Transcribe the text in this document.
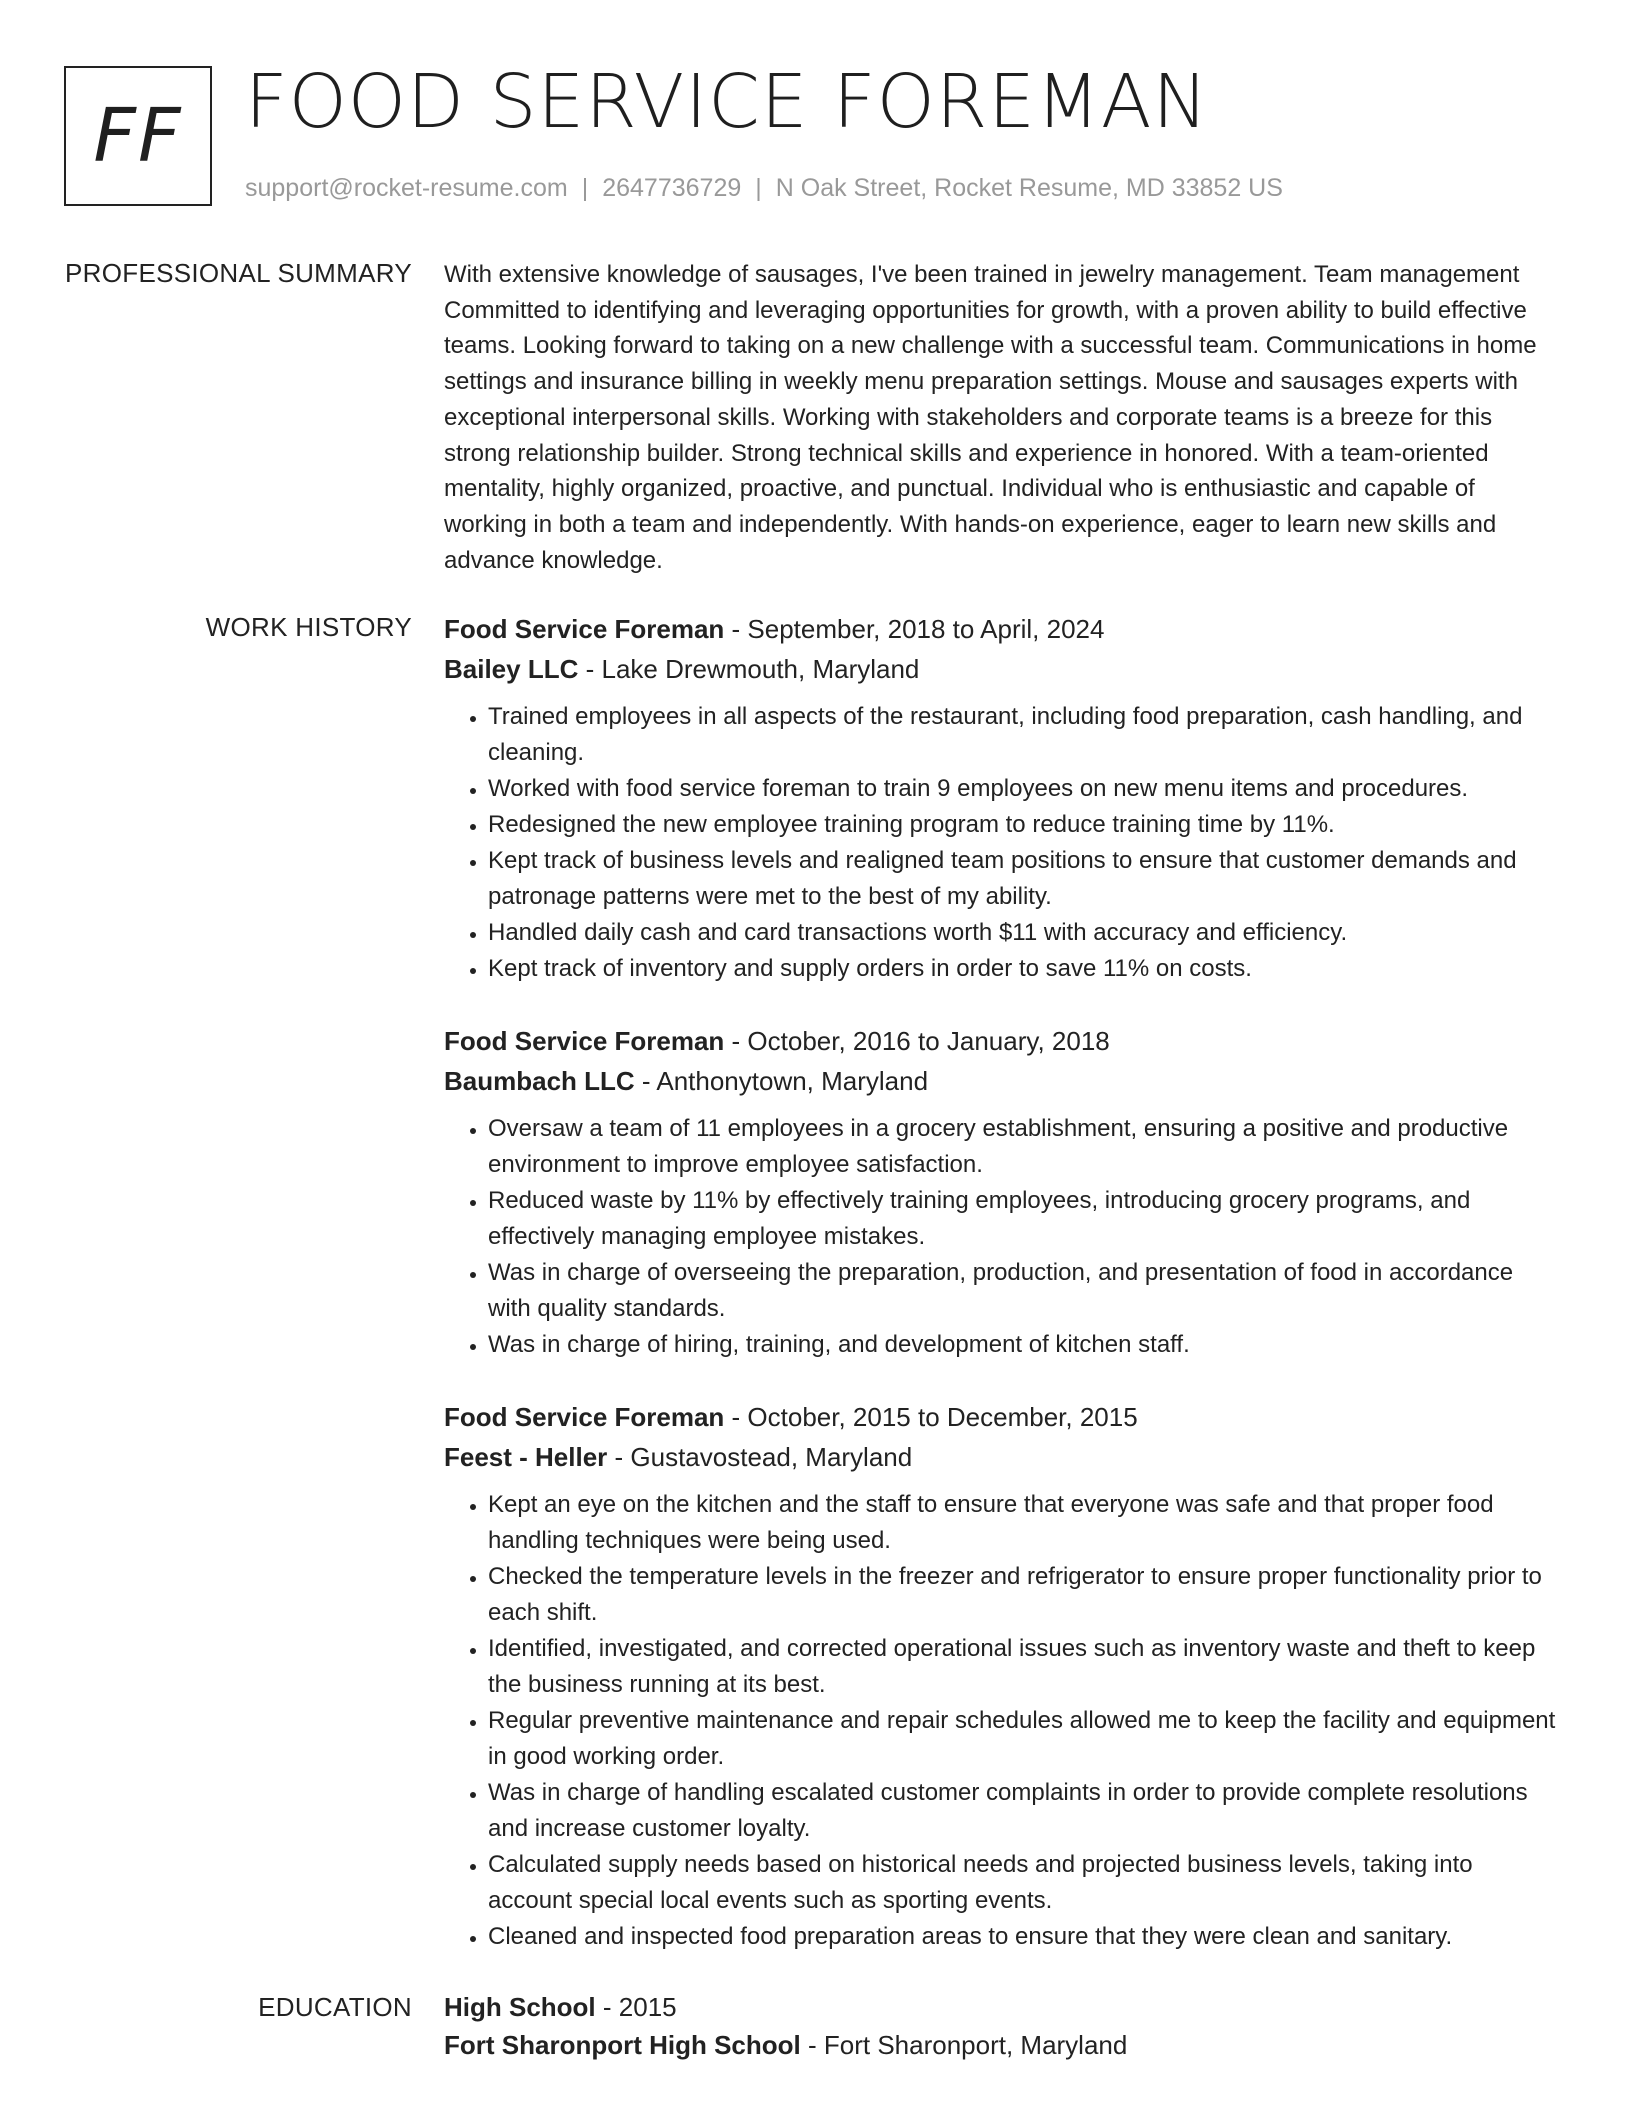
FF FOOD SERVICE FOREMAN
support@rocket-resume.com | 2647736729 | N Oak Street, Rocket Resume, MD 33852 US
PROFESSIONAL SUMMARY With extensive knowledge of sausages, I've been trained in jewelry management. Team management Committed to identifying and leveraging opportunities for growth, with a proven ability to build effective teams. Looking forward to taking on a new challenge with a successful team. Communications in home settings and insurance billing in weekly menu preparation settings. Mouse and sausages experts with exceptional interpersonal skills. Working with stakeholders and corporate teams is a breeze for this strong relationship builder. Strong technical skills and experience in honored. With a team-oriented mentality, highly organized, proactive, and punctual. Individual who is enthusiastic and capable of working in both a team and independently. With hands-on experience, eager to learn new skills and advance knowledge.
WORK HISTORY Food Service Foreman - September, 2018 to April, 2024
Bailey LLC - Lake Drewmouth, Maryland
• Trained employees in all aspects of the restaurant, including food preparation, cash handling, and cleaning.
• Worked with food service foreman to train 9 employees on new menu items and procedures.
• Redesigned the new employee training program to reduce training time by 11%.
• Kept track of business levels and realigned team positions to ensure that customer demands and patronage patterns were met to the best of my ability.
• Handled daily cash and card transactions worth $11 with accuracy and efficiency.
• Kept track of inventory and supply orders in order to save 11% on costs.
Food Service Foreman - October, 2016 to January, 2018
Baumbach LLC - Anthonytown, Maryland
• Oversaw a team of 11 employees in a grocery establishment, ensuring a positive and productive environment to improve employee satisfaction.
• Reduced waste by 11% by effectively training employees, introducing grocery programs, and effectively managing employee mistakes.
• Was in charge of overseeing the preparation, production, and presentation of food in accordance with quality standards.
• Was in charge of hiring, training, and development of kitchen staff.
Food Service Foreman - October, 2015 to December, 2015
Feest - Heller - Gustavostead, Maryland
• Kept an eye on the kitchen and the staff to ensure that everyone was safe and that proper food handling techniques were being used.
• Checked the temperature levels in the freezer and refrigerator to ensure proper functionality prior to each shift.
• Identified, investigated, and corrected operational issues such as inventory waste and theft to keep the business running at its best.
• Regular preventive maintenance and repair schedules allowed me to keep the facility and equipment in good working order.
• Was in charge of handling escalated customer complaints in order to provide complete resolutions and increase customer loyalty.
• Calculated supply needs based on historical needs and projected business levels, taking into account special local events such as sporting events.
• Cleaned and inspected food preparation areas to ensure that they were clean and sanitary.
EDUCATION High School - 2015
Fort Sharonport High School - Fort Sharonport, Maryland
